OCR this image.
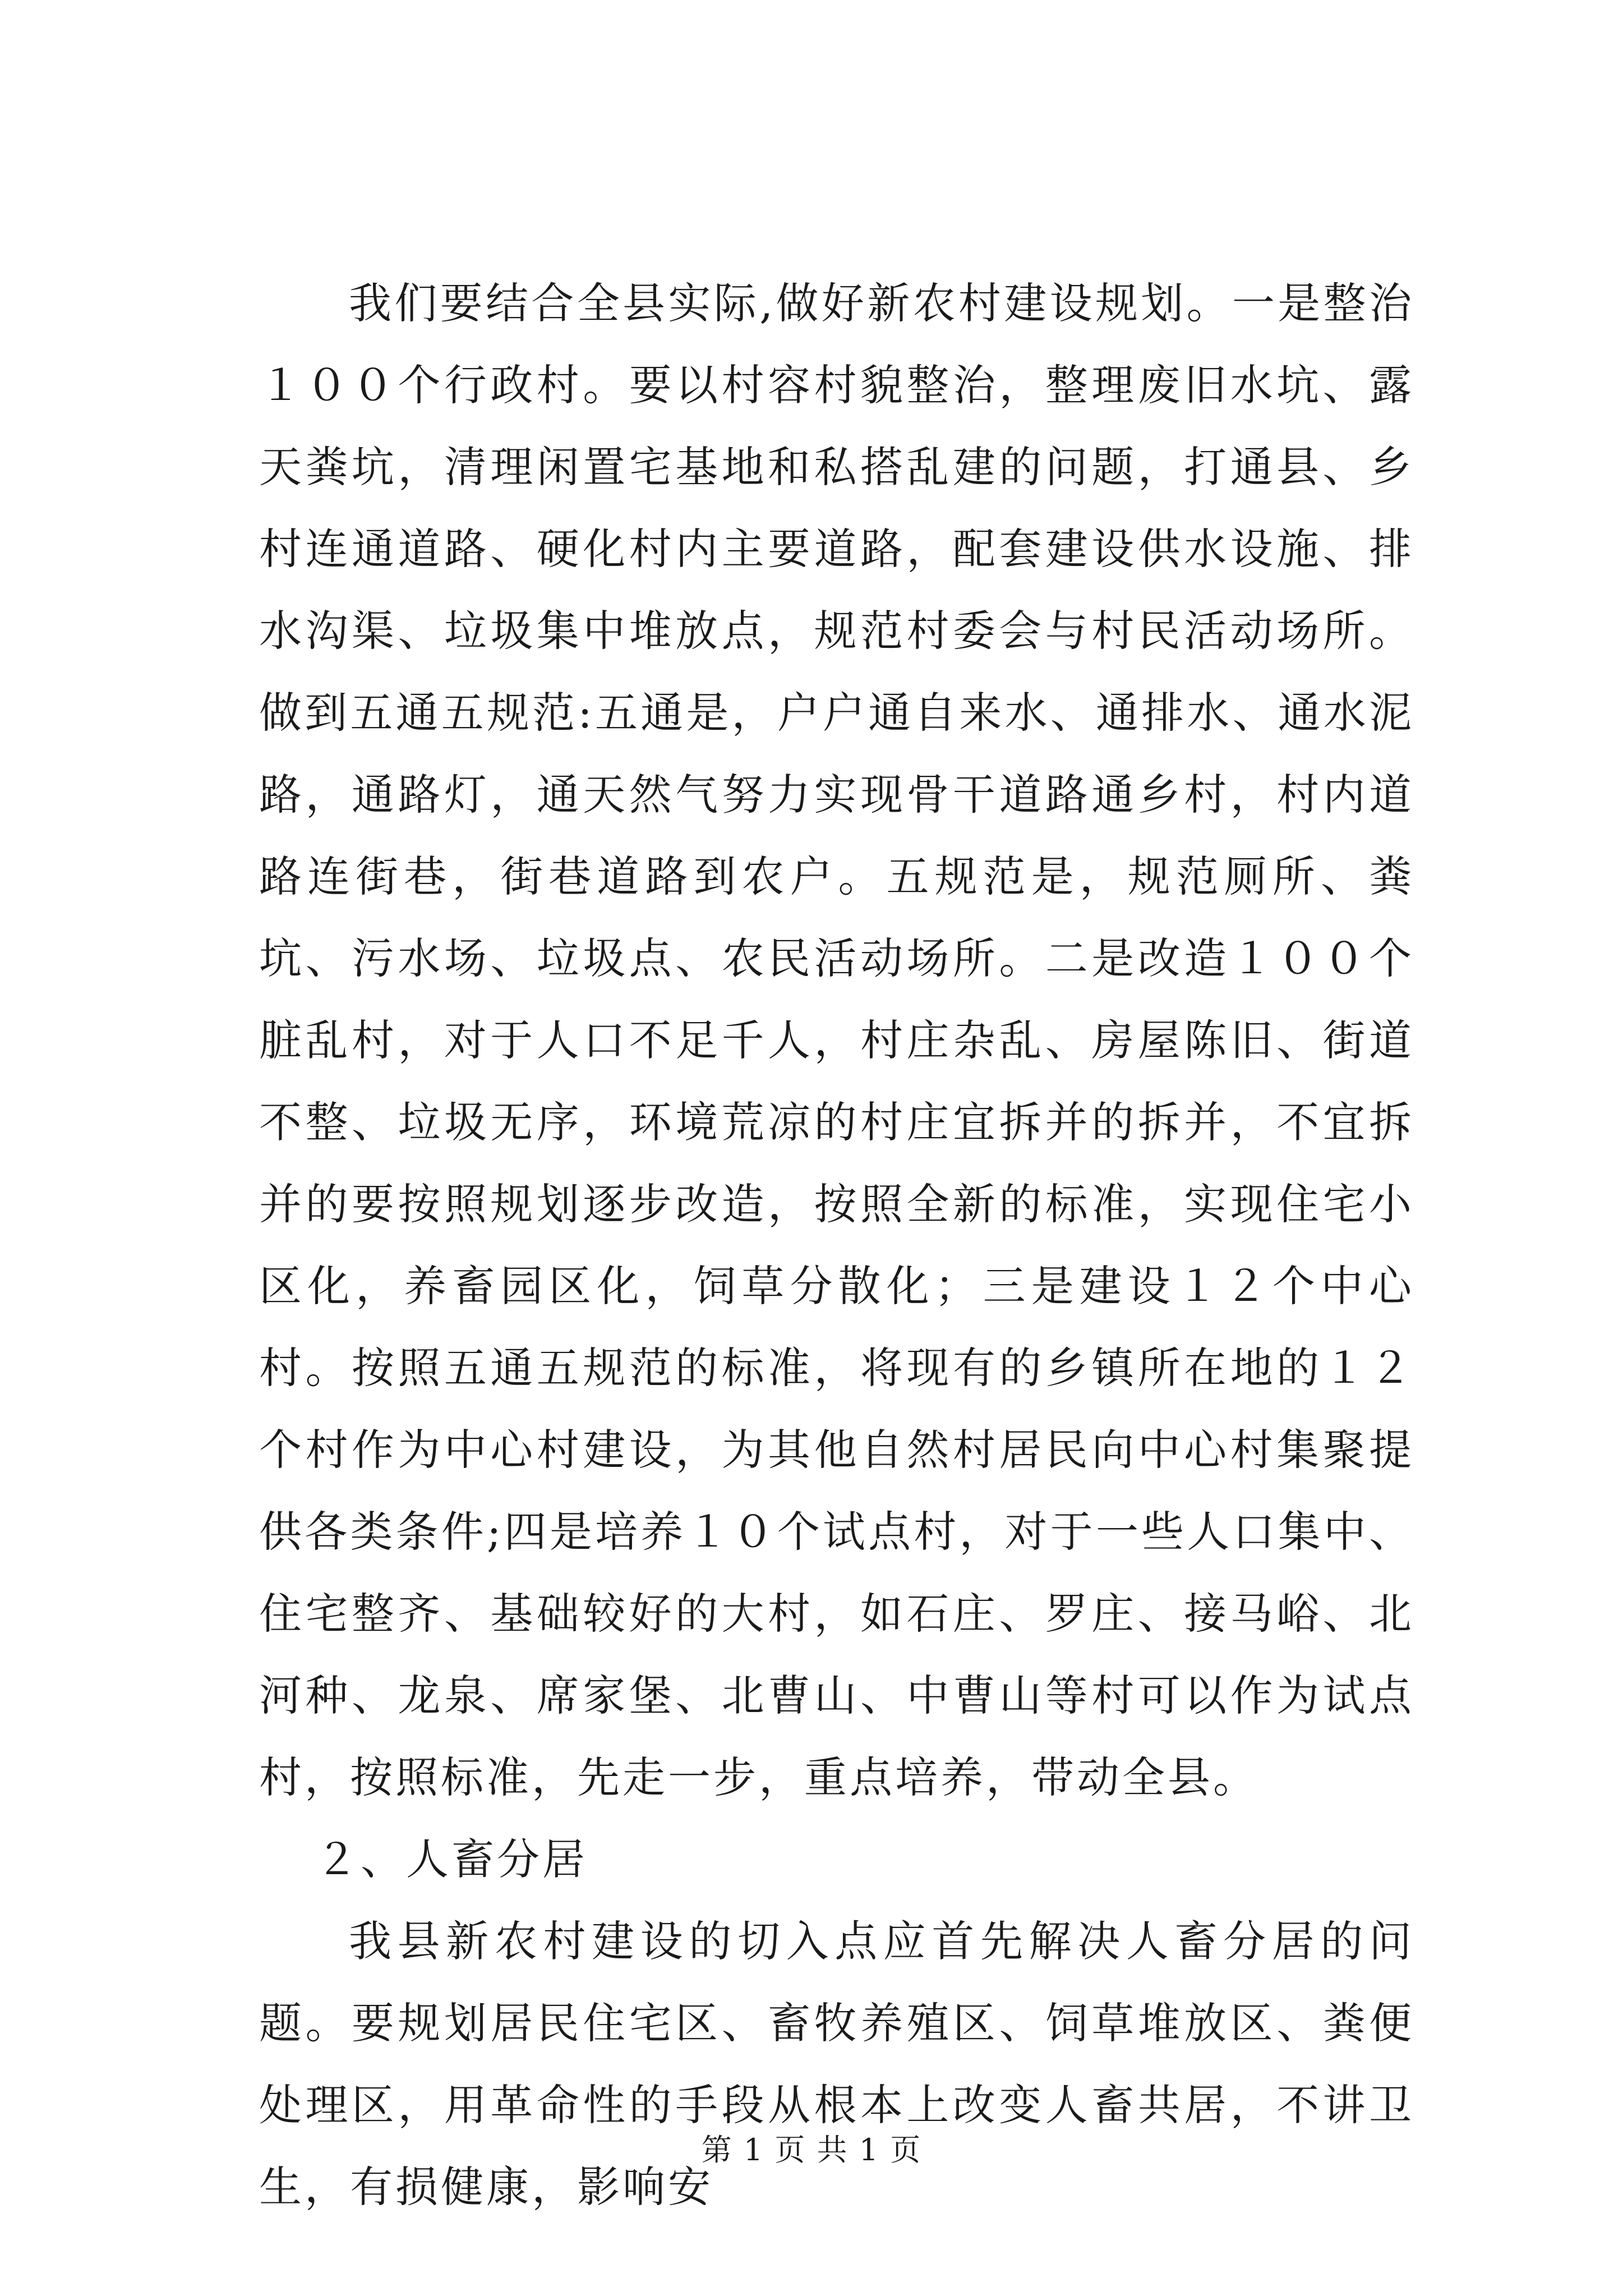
我们要结合全县实际,做好新农村建设规划。一是整治１００个行政村。要以村容村貌整治，整理废旧水坑、露天粪坑，清理闲置宅基地和私搭乱建的问题，打通县、乡村连通道路、硬化村内主要道路，配套建设供水设施、排水沟渠、垃圾集中堆放点，规范村委会与村民活动场所。做到五通五规范:五通是，户户通自来水、通排水、通水泥路，通路灯，通天然气努力实现骨干道路通乡村，村内道路连街巷，街巷道路到农户。五规范是，规范厕所、粪坑、污水场、垃圾点、农民活动场所。二是改造１００个脏乱村，对于人口不足千人，村庄杂乱、房屋陈旧、街道不整、垃圾无序，环境荒凉的村庄宜拆并的拆并，不宜拆并的要按照规划逐步改造，按照全新的标准，实现住宅小区化，养畜园区化，饲草分散化；三是建设１２个中心村。按照五通五规范的标准，将现有的乡镇所在地的１２个村作为中心村建设，为其他自然村居民向中心村集聚提供各类条件;四是培养１０个试点村，对于一些人口集中、住宅整齐、基础较好的大村，如石庄、罗庄、接马峪、北河种、龙泉、席家堡、北曹山、中曹山等村可以作为试点村，按照标准，先走一步，重点培养，带动全县。

２、人畜分居

我县新农村建设的切入点应首先解决人畜分居的问题。要规划居民住宅区、畜牧养殖区、饲草堆放区、粪便处理区，用革命性的手段从根本上改变人畜共居，不讲卫生，有损健康，影响安

第 1 页 共 1 页
